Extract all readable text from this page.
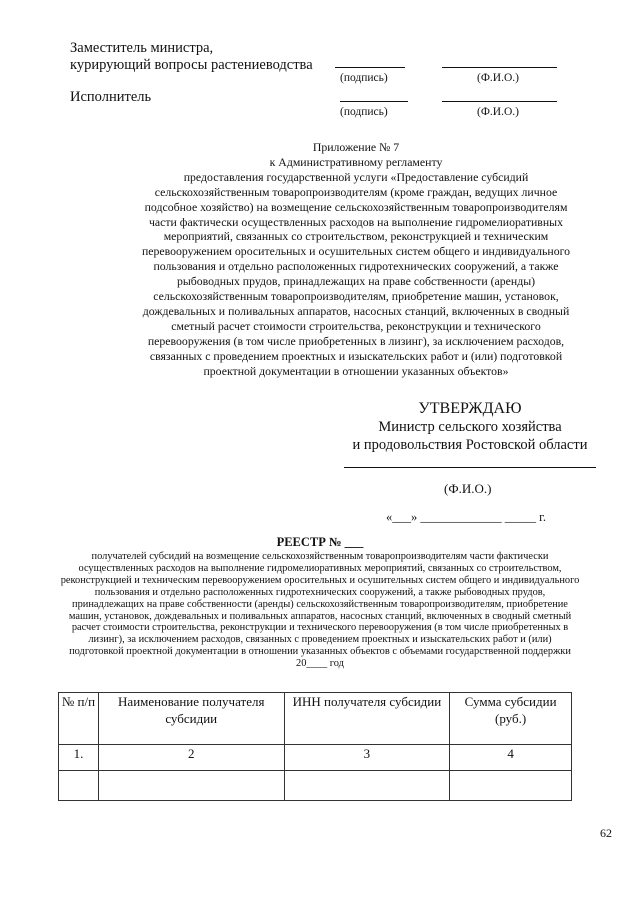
Заместитель министра,
курирующий вопросы растениеводства
(подпись)	(Ф.И.О.)
Исполнитель
(подпись)	(Ф.И.О.)
Приложение № 7
к Административному регламенту
предоставления государственной услуги «Предоставление субсидий сельскохозяйственным товаропроизводителям (кроме граждан, ведущих личное подсобное хозяйство) на возмещение сельскохозяйственным товаропроизводителям части фактически осуществленных расходов на выполнение гидромелиоративных мероприятий, связанных со строительством, реконструкцией и техническим перевооружением оросительных и осушительных систем общего и индивидуального пользования и отдельно расположенных гидротехнических сооружений, а также рыбоводных прудов, принадлежащих на праве собственности (аренды) сельскохозяйственным товаропроизводителям, приобретение машин, установок, дождевальных и поливальных аппаратов, насосных станций, включенных в сводный сметный расчет стоимости строительства, реконструкции и технического перевооружения (в том числе приобретенных в лизинг), за исключением расходов, связанных с проведением проектных и изыскательских работ и (или) подготовкой проектной документации в отношении указанных объектов»
УТВЕРЖДАЮ
Министр сельского хозяйства
и продовольствия Ростовской области
(Ф.И.О.)
«___» _____________ _____ г.
РЕЕСТР № ___
получателей субсидий на возмещение сельскохозяйственным товаропроизводителям части фактически осуществленных расходов на выполнение гидромелиоративных мероприятий, связанных со строительством, реконструкцией и техническим перевооружением оросительных и осушительных систем общего и индивидуального пользования и отдельно расположенных гидротехнических сооружений, а также рыбоводных прудов, принадлежащих на праве собственности (аренды) сельскохозяйственным товаропроизводителям, приобретение машин, установок, дождевальных и поливальных аппаратов, насосных станций, включенных в сводный сметный расчет стоимости строительства, реконструкции и технического перевооружения (в том числе приобретенных в лизинг), за исключением расходов, связанных с проведением проектных и изыскательских работ и (или) подготовкой проектной документации в отношении указанных объектов с объемами государственной поддержки
20____ год
№ п/п	Наименование получателя субсидии	ИНН получателя субсидии	Сумма субсидии (руб.)
1.	2	3	4

62
